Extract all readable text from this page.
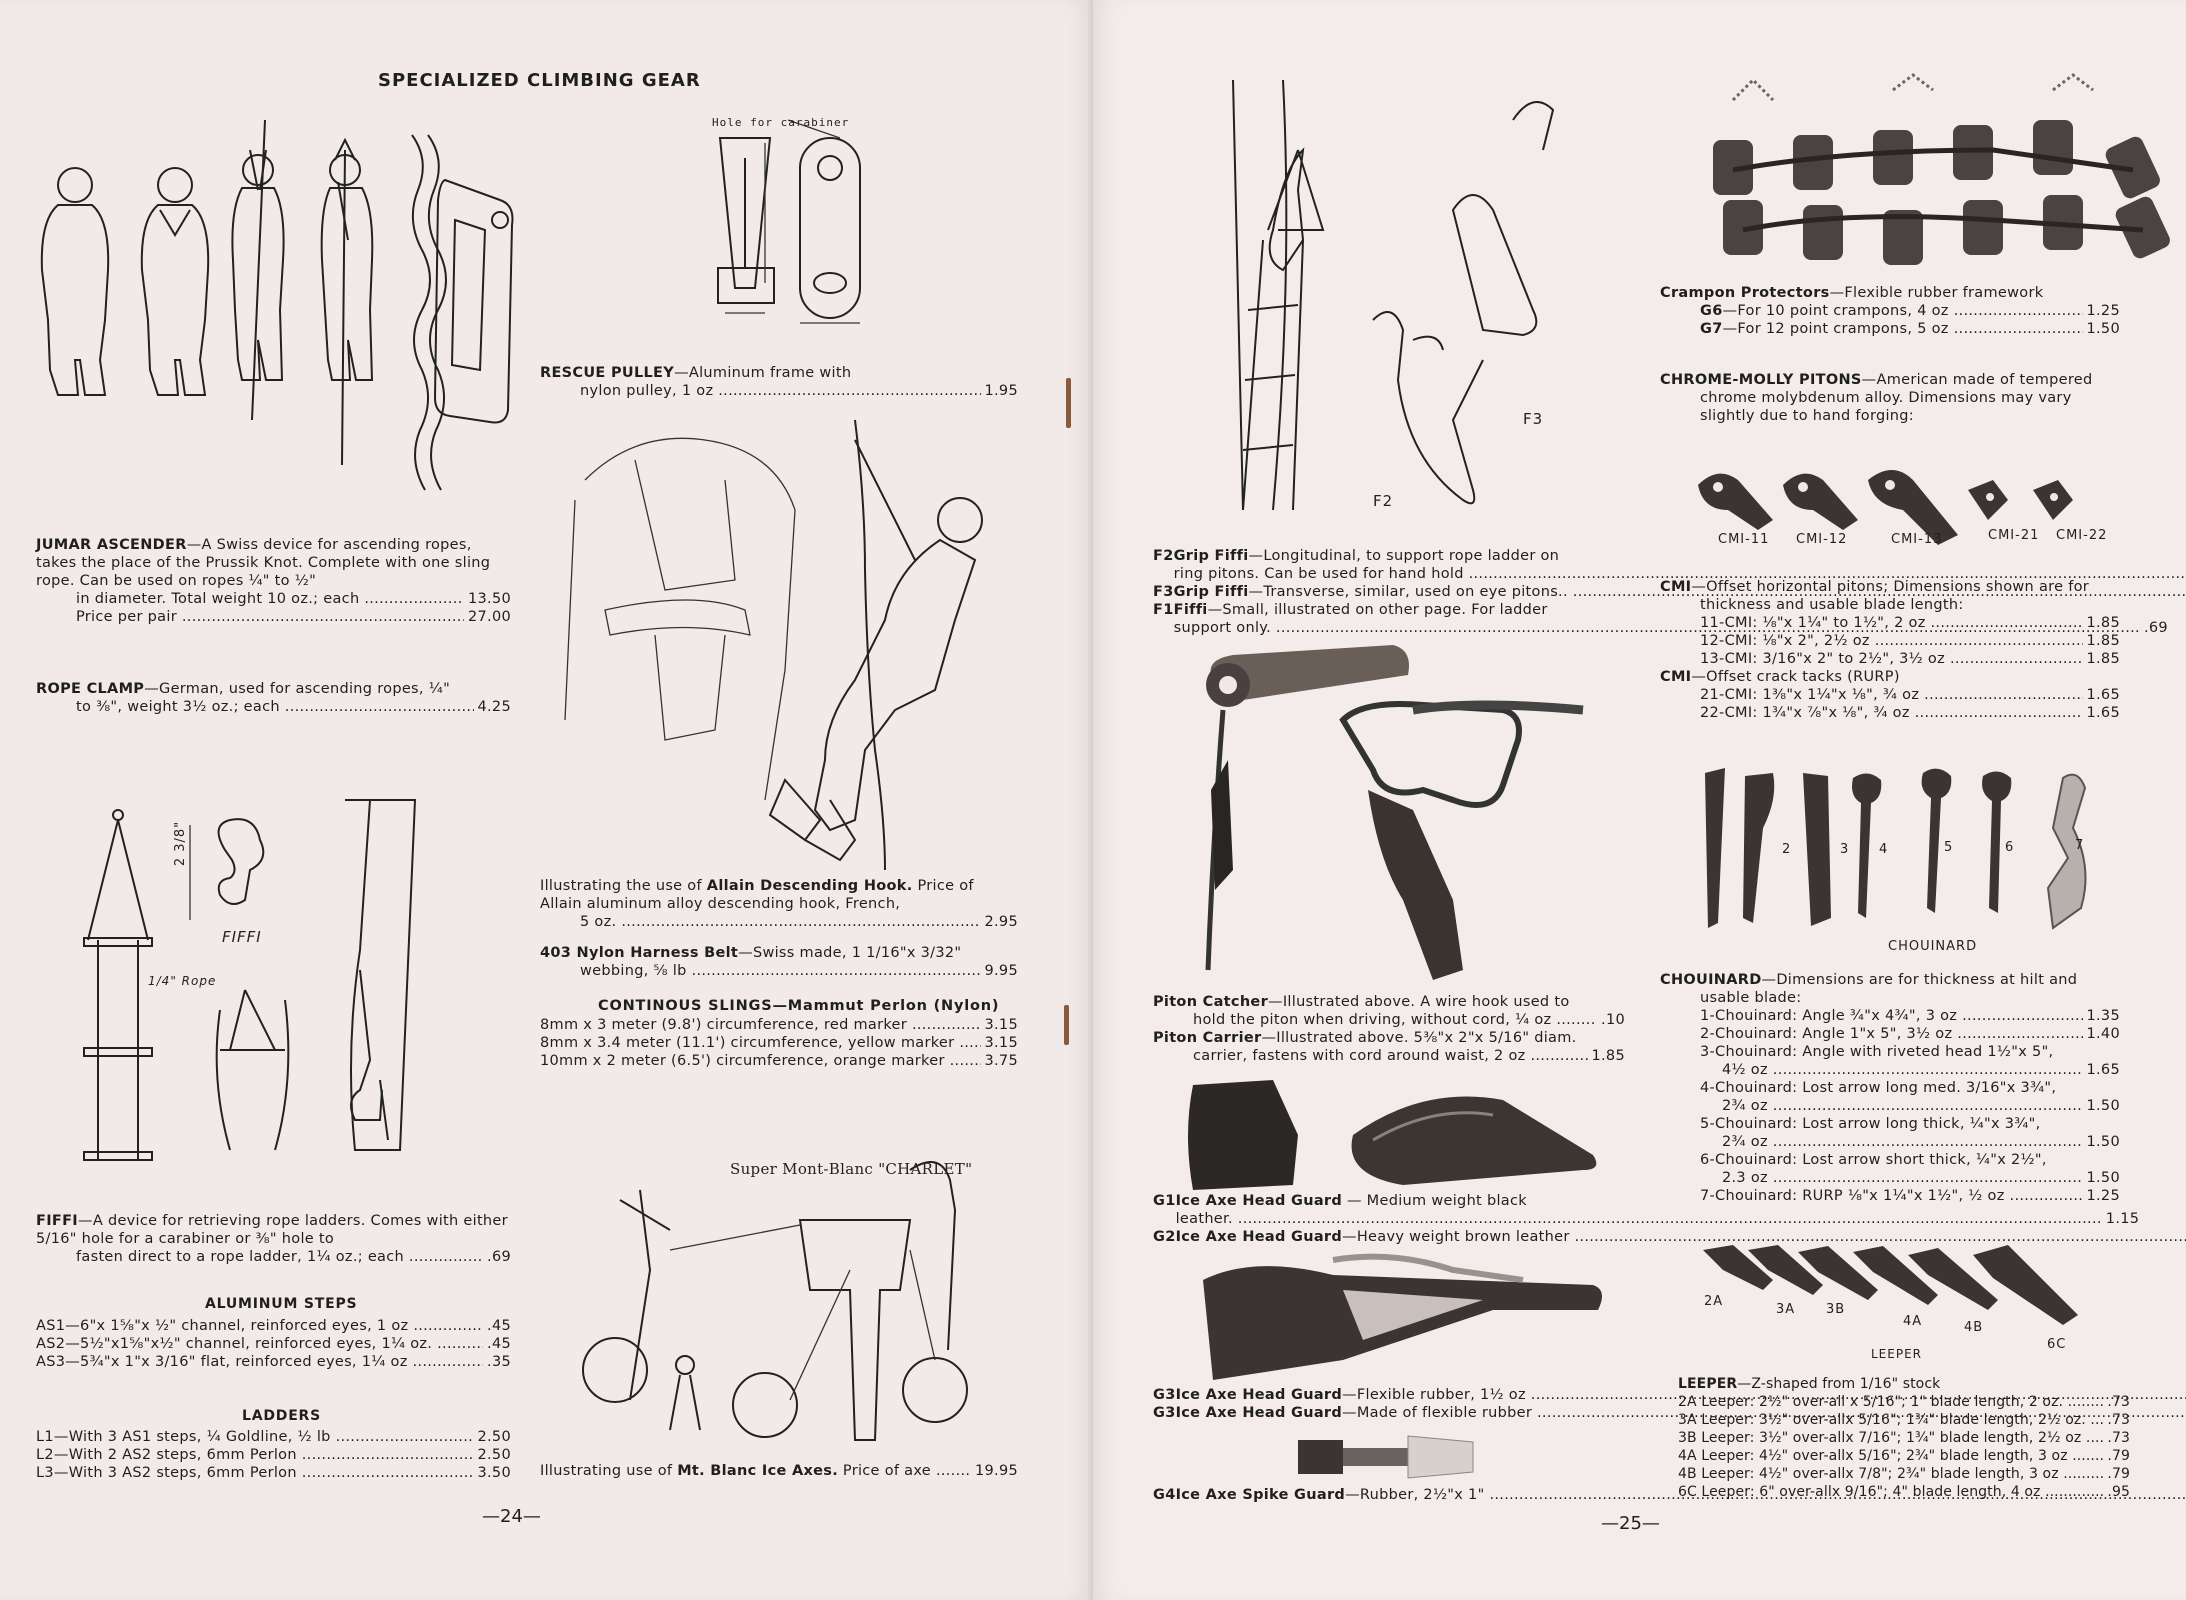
SPECIALIZED CLIMBING GEAR
JUMAR ASCENDER—A Swiss device for ascending ropes, takes the place of the Prussik Knot. Complete with one sling rope. Can be used on ropes ¼" to ½"
in diameter. Total weight 10 oz.; each .....	13.50
Price per pair .....	27.00
ROPE CLAMP—German, used for ascending ropes, ¼"
to ⅜", weight 3½ oz.; each .....	4.25
2 3/8"
FIFFI
1/4" Rope
FIFFI—A device for retrieving rope ladders. Comes with either 5/16" hole for a carabiner or ⅜" hole to
fasten direct to a rope ladder, 1¼ oz.; each .....	.69
ALUMINUM STEPS
AS1—6"x 1⅝"x ½" channel, reinforced eyes, 1 oz .....	.45
AS2—5½"x1⅝"x½" channel, reinforced eyes, 1¼ oz. .....	.45
AS3—5¾"x 1"x 3/16" flat, reinforced eyes, 1¼ oz .....	.35
LADDERS
L1—With 3 AS1 steps, ¼ Goldline, ½ lb .....	2.50
L2—With 2 AS2 steps, 6mm Perlon .....	2.50
L3—With 3 AS2 steps, 6mm Perlon .....	3.50
Hole for carabiner
RESCUE PULLEY—Aluminum frame with
nylon pulley, 1 oz .....	1.95
Illustrating the use of Allain Descending Hook. Price of Allain aluminum alloy descending hook, French,
5 oz. .....	2.95
403 Nylon Harness Belt—Swiss made, 1 1/16"x 3/32"
webbing, ⅝ lb .....	9.95
CONTINOUS SLINGS—Mammut Perlon (Nylon)
8mm x 3 meter (9.8') circumference, red marker .....	3.15
8mm x 3.4 meter (11.1') circumference, yellow marker .....	3.15
10mm x 2 meter (6.5') circumference, orange marker .....	3.75
Super Mont-Blanc "CHARLET"
Illustrating use of Mt. Blanc Ice Axes. Price of axe .....	19.95
—24—
F3
F2
F2 Grip Fiffi—Longitudinal, to support rope ladder on
ring pitons. Can be used for hand hold .....
F3 Grip Fiffi—Transverse, similar, used on eye pitons.. .....
F1 Fiffi—Small, illustrated on other page. For ladder
support only. .....	.69
Piton Catcher—Illustrated above. A wire hook used to
hold the piton when driving, without cord, ¼ oz .....	.10
Piton Carrier—Illustrated above. 5⅜"x 2"x 5/16" diam.
carrier, fastens with cord around waist, 2 oz .....	1.85
G1 Ice Axe Head Guard — Medium weight black
leather. .....	1.15
G2 Ice Axe Head Guard—Heavy weight brown leather .....
G3 Ice Axe Head Guard—Flexible rubber, 1½ oz .....
G3 Ice Axe Head Guard—Made of flexible rubber .....
G4 Ice Axe Spike Guard—Rubber, 2½"x 1" .....
—25—
Crampon Protectors—Flexible rubber framework
G6—For 10 point crampons, 4 oz .....	1.25
G7—For 12 point crampons, 5 oz .....	1.50
CHROME-MOLLY PITONS—American made of tempered chrome molybdenum alloy. Dimensions may vary slightly due to hand forging:
CMI-11 CMI-12	CMI-13	CMI-21 CMI-22
CMI—Offset horizontal pitons; Dimensions shown are for thickness and usable blade length:
11-CMI: ⅛"x 1¼" to 1½", 2 oz .....	1.85
12-CMI: ⅛"x 2", 2½ oz .....	1.85
13-CMI: 3/16"x 2" to 2½", 3½ oz .....	1.85
CMI—Offset crack tacks (RURP)
21-CMI: 1⅜"x 1¼"x ⅛", ¾ oz .....	1.65
22-CMI: 1¾"x ⅞"x ⅛", ¾ oz .....	1.65
2	3 4	5	6	7
CHOUINARD
CHOUINARD—Dimensions are for thickness at hilt and usable blade:
1-Chouinard: Angle ¾"x 4¾", 3 oz .....	1.35
2-Chouinard: Angle 1"x 5", 3½ oz .....	1.40
3-Chouinard: Angle with riveted head 1½"x 5",
4½ oz .....	1.65
4-Chouinard: Lost arrow long med. 3/16"x 3¾",
2¾ oz .....	1.50
5-Chouinard: Lost arrow long thick, ¼"x 3¾",
2¾ oz .....	1.50
6-Chouinard: Lost arrow short thick, ¼"x 2½",
2.3 oz .....	1.50
7-Chouinard: RURP ⅛"x 1¼"x 1½", ½ oz .....	1.25
2A
3A 3B
4A	4B
6C
LEEPER
LEEPER—Z-shaped from 1/16" stock
2A Leeper: 2½" over-all x 5/16"; 1" blade length, 2 oz. .....	.73
3A Leeper: 3½" over-allx 5/16"; 1¾" blade length, 2½ oz. .....	.73
3B Leeper: 3½" over-allx 7/16"; 1¾" blade length, 2½ oz .....	.73
4A Leeper: 4½" over-allx 5/16"; 2¾" blade length, 3 oz .....	.79
4B Leeper: 4½" over-allx 7/8"; 2¾" blade length, 3 oz .....	.79
6C Leeper: 6" over-allx 9/16"; 4" blade length, 4 oz .....	.95
